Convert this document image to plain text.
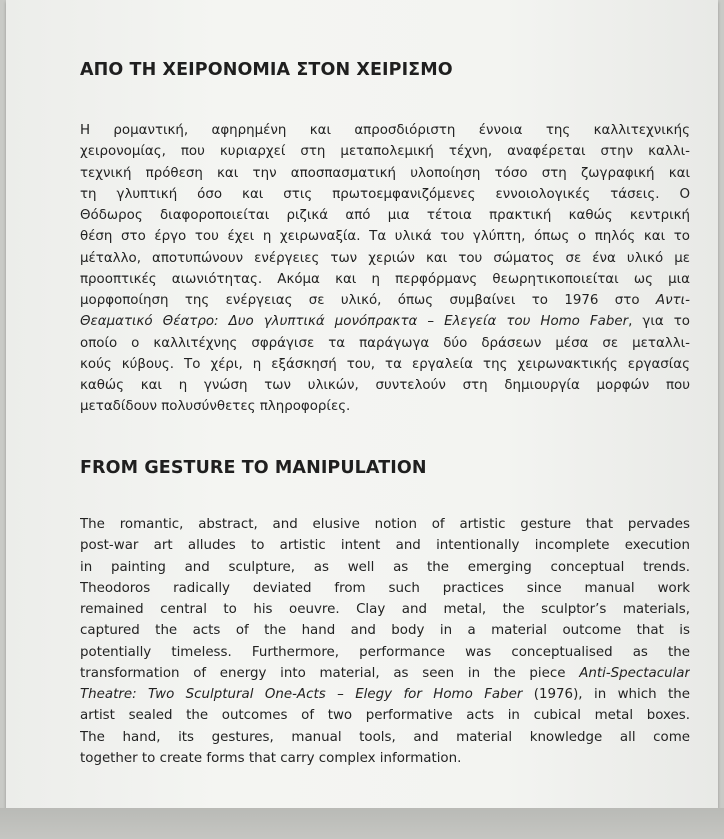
ΑΠΟ ΤΗ ΧΕΙΡΟΝΟΜΙΑ ΣΤΟΝ ΧΕΙΡΙΣΜΟ
Η ρομαντική, αφηρημένη και απροσδιόριστη έννοια της καλλιτεχνικής
χειρονομίας, που κυριαρχεί στη μεταπολεμική τέχνη, αναφέρεται στην καλλι-
τεχνική πρόθεση και την αποσπασματική υλοποίηση τόσο στη ζωγραφική και
τη γλυπτική όσο και στις πρωτοεμφανιζόμενες εννοιολογικές τάσεις. Ο
Θόδωρος διαφοροποιείται ριζικά από μια τέτοια πρακτική καθώς κεντρική
θέση στο έργο του έχει η χειρωναξία. Τα υλικά του γλύπτη, όπως ο πηλός και το
μέταλλο, αποτυπώνουν ενέργειες των χεριών και του σώματος σε ένα υλικό με
προοπτικές αιωνιότητας. Ακόμα και η περφόρμανς θεωρητικοποιείται ως μια
μορφοποίηση της ενέργειας σε υλικό, όπως συμβαίνει το 1976 στο Αντι-
Θεαματικό Θέατρο: Δυο γλυπτικά μονόπρακτα – Ελεγεία του Homo Faber, για το
οποίο ο καλλιτέχνης σφράγισε τα παράγωγα δύο δράσεων μέσα σε μεταλλι-
κούς κύβους. Το χέρι, η εξάσκησή του, τα εργαλεία της χειρωνακτικής εργασίας
καθώς και η γνώση των υλικών, συντελούν στη δημιουργία μορφών που
μεταδίδουν πολυσύνθετες πληροφορίες.
FROM GESTURE TO MANIPULATION
The romantic, abstract, and elusive notion of artistic gesture that pervades
post-war art alludes to artistic intent and intentionally incomplete execution
in painting and sculpture, as well as the emerging conceptual trends.
Theodoros radically deviated from such practices since manual work
remained central to his oeuvre. Clay and metal, the sculptor’s materials,
captured the acts of the hand and body in a material outcome that is
potentially timeless. Furthermore, performance was conceptualised as the
transformation of energy into material, as seen in the piece Anti-Spectacular
Theatre: Two Sculptural One-Acts – Elegy for Homo Faber (1976), in which the
artist sealed the outcomes of two performative acts in cubical metal boxes.
The hand, its gestures, manual tools, and material knowledge all come
together to create forms that carry complex information.
